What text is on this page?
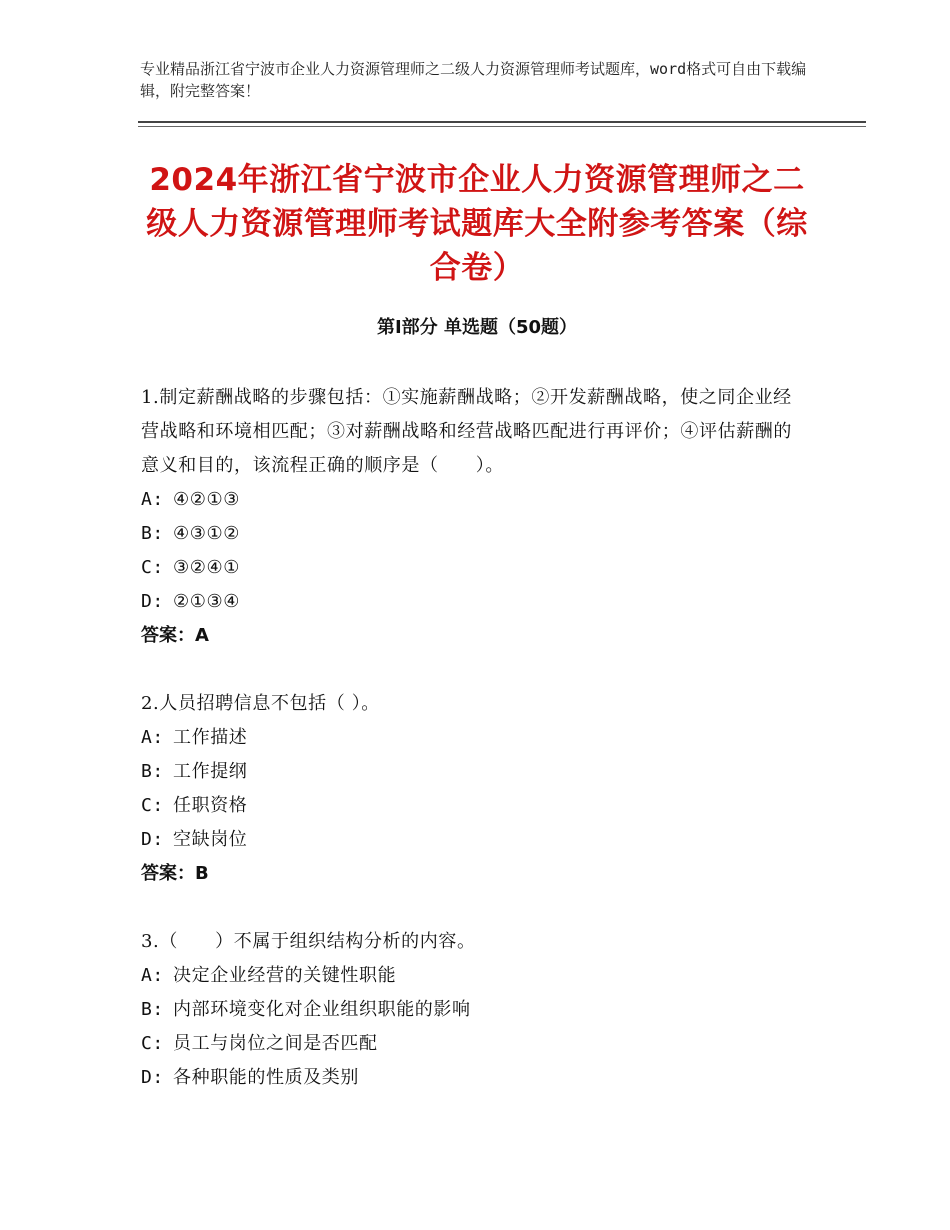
专业精品浙江省宁波市企业人力资源管理师之二级人力资源管理师考试题库，word格式可自由下载编辑，附完整答案！
2024年浙江省宁波市企业人力资源管理师之二级人力资源管理师考试题库大全附参考答案（综合卷）
第Ⅰ部分 单选题（50题）

1.制定薪酬战略的步骤包括：①实施薪酬战略；②开发薪酬战略，使之同企业经营战略和环境相匹配；③对薪酬战略和经营战略匹配进行再评价；④评估薪酬的意义和目的，该流程正确的顺序是（　　）。

A: ④②①③

B: ④③①②

C: ③②④①

D: ②①③④

答案：A

2.人员招聘信息不包括（ ）。

A: 工作描述

B: 工作提纲

C: 任职资格

D: 空缺岗位

答案：B

3.（　　）不属于组织结构分析的内容。

A: 决定企业经营的关键性职能

B: 内部环境变化对企业组织职能的影响

C: 员工与岗位之间是否匹配

D: 各种职能的性质及类别
